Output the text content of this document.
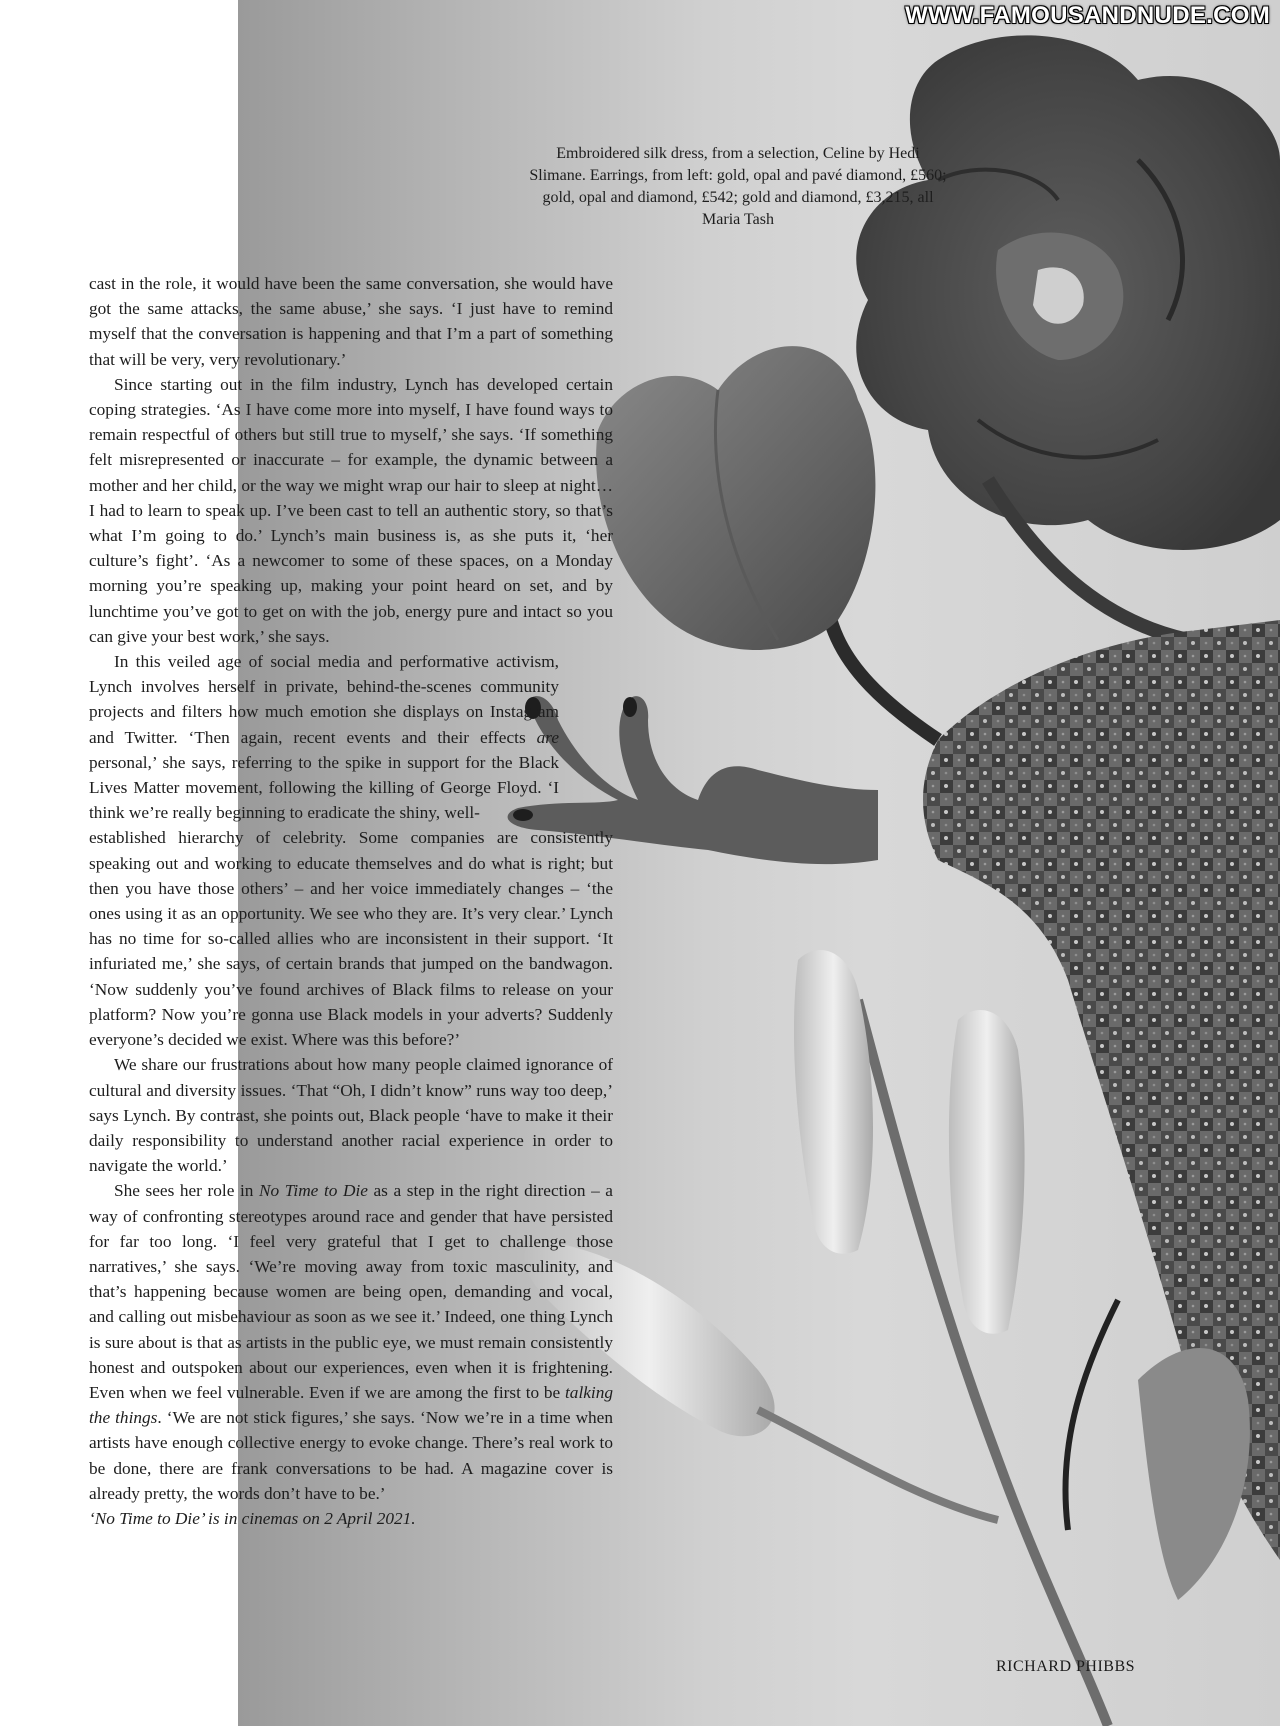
WWW.FAMOUSANDNUDE.COM

Embroidered silk dress, from a selection, Celine by Hedi Slimane. Earrings, from left: gold, opal and pavé diamond, £560; gold, opal and diamond, £542; gold and diamond, £3,215, all Maria Tash

cast in the role, it would have been the same conversation, she would have got the same attacks, the same abuse,’ she says. ‘I just have to remind myself that the conversation is happening and that I’m a part of something that will be very, very revolutionary.’

Since starting out in the film industry, Lynch has developed certain coping strategies. ‘As I have come more into myself, I have found ways to remain respectful of others but still true to myself,’ she says. ‘If something felt misrepresented or inaccurate – for example, the dynamic between a mother and her child, or the way we might wrap our hair to sleep at night… I had to learn to speak up. I’ve been cast to tell an authentic story, so that’s what I’m going to do.’ Lynch’s main business is, as she puts it, ‘her culture’s fight’. ‘As a newcomer to some of these spaces, on a Monday morning you’re speaking up, making your point heard on set, and by lunchtime you’ve got to get on with the job, energy pure and intact so you can give your best work,’ she says.

In this veiled age of social media and performative activism, Lynch involves herself in private, behind-the-scenes community projects and filters how much emotion she displays on Instagram and Twitter. ‘Then again, recent events and their effects are personal,’ she says, referring to the spike in support for the Black Lives Matter movement, following the killing of George Floyd. ‘I think we’re really beginning to eradicate the shiny, well-

established hierarchy of celebrity. Some companies are consistently speaking out and working to educate themselves and do what is right; but then you have those others’ – and her voice immediately changes – ‘the ones using it as an opportunity. We see who they are. It’s very clear.’ Lynch has no time for so-called allies who are inconsistent in their support. ‘It infuriated me,’ she says, of certain brands that jumped on the bandwagon. ‘Now suddenly you’ve found archives of Black films to release on your platform? Now you’re gonna use Black models in your adverts? Suddenly everyone’s decided we exist. Where was this before?’

We share our frustrations about how many people claimed ignorance of cultural and diversity issues. ‘That “Oh, I didn’t know” runs way too deep,’ says Lynch. By contrast, she points out, Black people ‘have to make it their daily responsibility to understand another racial experience in order to navigate the world.’

She sees her role in No Time to Die as a step in the right direction – a way of confronting stereotypes around race and gender that have persisted for far too long. ‘I feel very grateful that I get to challenge those narratives,’ she says. ‘We’re moving away from toxic masculinity, and that’s happening because women are being open, demanding and vocal, and calling out misbehaviour as soon as we see it.’ Indeed, one thing Lynch is sure about is that as artists in the public eye, we must remain consistently honest and outspoken about our experiences, even when it is frightening. Even when we feel vulnerable. Even if we are among the first to be talking the things. ‘We are not stick figures,’ she says. ‘Now we’re in a time when artists have enough collective energy to evoke change. There’s real work to be done, there are frank conversations to be had. A magazine cover is already pretty, the words don’t have to be.’

‘No Time to Die’ is in cinemas on 2 April 2021.

RICHARD PHIBBS
